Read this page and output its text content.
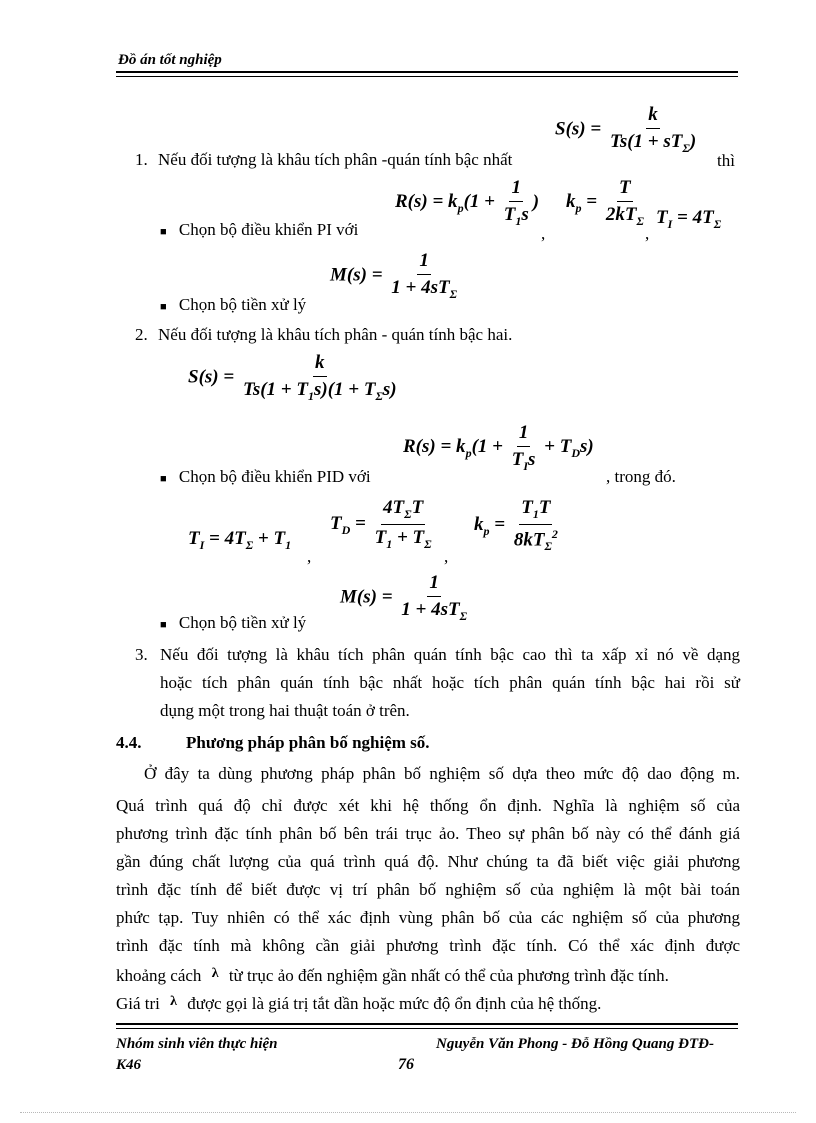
Đồ án tốt nghiệp
$S(s) = \frac{k}{Ts(1 + sT_\Sigma)}$
1. Nếu đối tượng là khâu tích phân -quán tính bậc nhất	thì
$R(s) = k_p(1 + \frac{1}{T_1s}$ )
,
$k_p = \frac{T}{2kT_\Sigma}$
,
$T_I = 4T_\Sigma$
■ Chọn bộ điều khiển PI với
$M(s) = \frac{1}{1 + 4sT_\Sigma}$
■ Chọn bộ tiền xử lý
2. Nếu đối tượng là khâu tích phân - quán tính bậc hai.
$S(s) = \frac{k}{Ts(1 + T_1s)(1 + T_\Sigma s)}$
$R(s) = k_p(1 + \frac{1}{T_Is} + T_Ds)$
■ Chọn bộ điều khiển PID với	, trong đó.
$T_I = 4T_\Sigma + T_1$
,
$T_D = \frac{4T_\Sigma T}{T_1 + T_\Sigma}$
,
$k_p = \frac{T_1T}{8kT_\Sigma^2}$
$M(s) = \frac{1}{1 + 4sT_\Sigma}$
■ Chọn bộ tiền xử lý
3. Nếu đối tượng là khâu tích phân quán tính bậc cao thì ta xấp xỉ nó về dạng
hoặc tích phân quán tính bậc nhất hoặc tích phân quán tính bậc hai rồi sử
dụng một trong hai thuật toán ở trên.
4.4.	Phương pháp phân bố nghiệm số.
Ở đây ta dùng phương pháp phân bố nghiệm số dựa theo mức độ dao động m.
Quá trình quá độ chỉ được xét khi hệ thống ổn định. Nghĩa là nghiệm số của
phương trình đặc tính phân bố bên trái trục ảo. Theo sự phân bố này có thể đánh giá
gần đúng chất lượng của quá trình quá độ. Như chúng ta đã biết việc giải phương
trình đặc tính để biết được vị trí phân bố nghiệm số của nghiệm là một bài toán
phức tạp. Tuy nhiên có thể xác định vùng phân bố của các nghiệm số của phương
trình đặc tính mà không cần giải phương trình đặc tính. Có thể xác định được
khoảng cách $^\lambda$ từ trục ảo đến nghiệm gần nhất có thể của phương trình đặc tính.
Giá tri $^\lambda$ được gọi là giá trị tắt dần hoặc mức độ ổn định của hệ thống.
Nhóm sinh viên thực hiện
K46
Nguyễn Văn Phong - Đỗ Hồng Quang ĐTĐ-
76
